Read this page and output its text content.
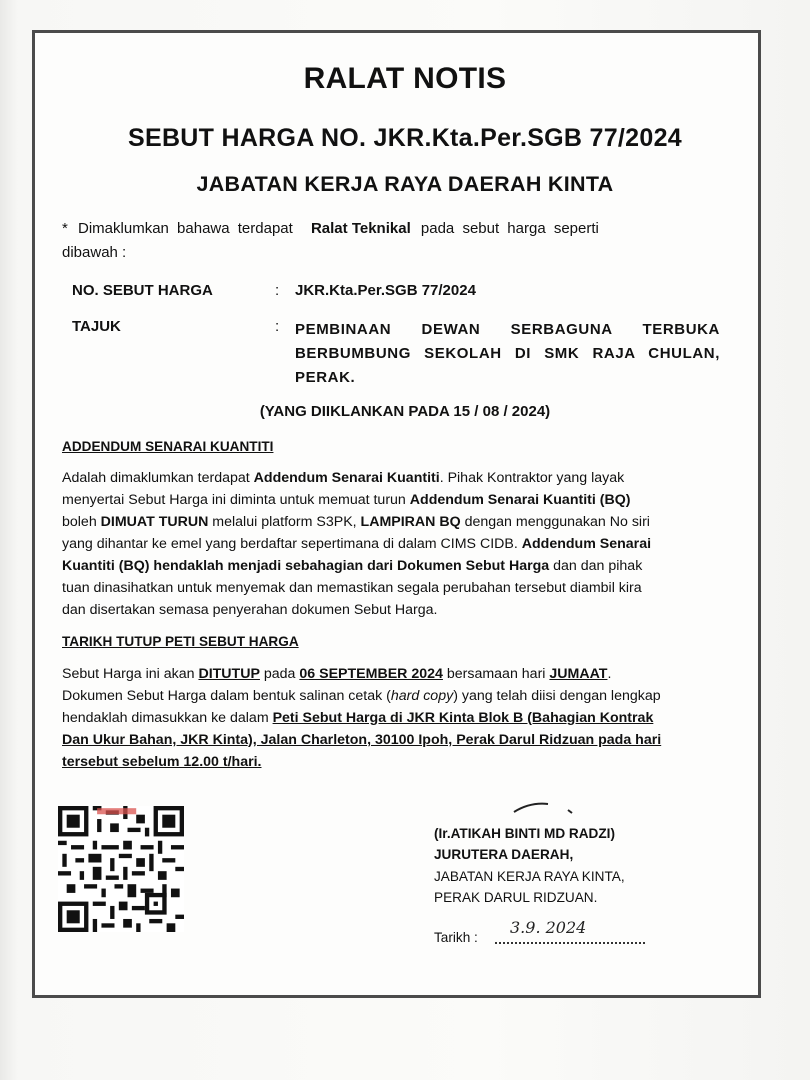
RALAT NOTIS
SEBUT HARGA NO. JKR.Kta.Per.SGB 77/2024
JABATAN KERJA RAYA DAERAH KINTA
* Dimaklumkan bahawa terdapat Ralat Teknikal pada sebut harga seperti
dibawah :
NO. SEBUT HARGA	: JKR.Kta.Per.SGB 77/2024
TAJUK	: PEMBINAAN DEWAN SERBAGUNA TERBUKA BERBUMBUNG SEKOLAH DI SMK RAJA CHULAN, PERAK.
(YANG DIIKLANKAN PADA 15 / 08 / 2024)
ADDENDUM SENARAI KUANTITI
Adalah dimaklumkan terdapat Addendum Senarai Kuantiti. Pihak Kontraktor yang layak
menyertai Sebut Harga ini diminta untuk memuat turun Addendum Senarai Kuantiti (BQ)
boleh DIMUAT TURUN melalui platform S3PK, LAMPIRAN BQ dengan menggunakan No siri
yang dihantar ke emel yang berdaftar sepertimana di dalam CIMS CIDB. Addendum Senarai
Kuantiti (BQ) hendaklah menjadi sebahagian dari Dokumen Sebut Harga dan dan pihak
tuan dinasihatkan untuk menyemak dan memastikan segala perubahan tersebut diambil kira
dan disertakan semasa penyerahan dokumen Sebut Harga.
TARIKH TUTUP PETI SEBUT HARGA
Sebut Harga ini akan DITUTUP pada 06 SEPTEMBER 2024 bersamaan hari JUMAAT.
Dokumen Sebut Harga dalam bentuk salinan cetak (hard copy) yang telah diisi dengan lengkap
hendaklah dimasukkan ke dalam Peti Sebut Harga di JKR Kinta Blok B (Bahagian Kontrak
Dan Ukur Bahan, JKR Kinta), Jalan Charleton, 30100 Ipoh, Perak Darul Ridzuan pada hari
tersebut sebelum 12.00 t/hari.
(Ir.ATIKAH BINTI MD RADZI)
JURUTERA DAERAH,
JABATAN KERJA RAYA KINTA,
PERAK DARUL RIDZUAN.
Tarikh :
3.9. 2024
